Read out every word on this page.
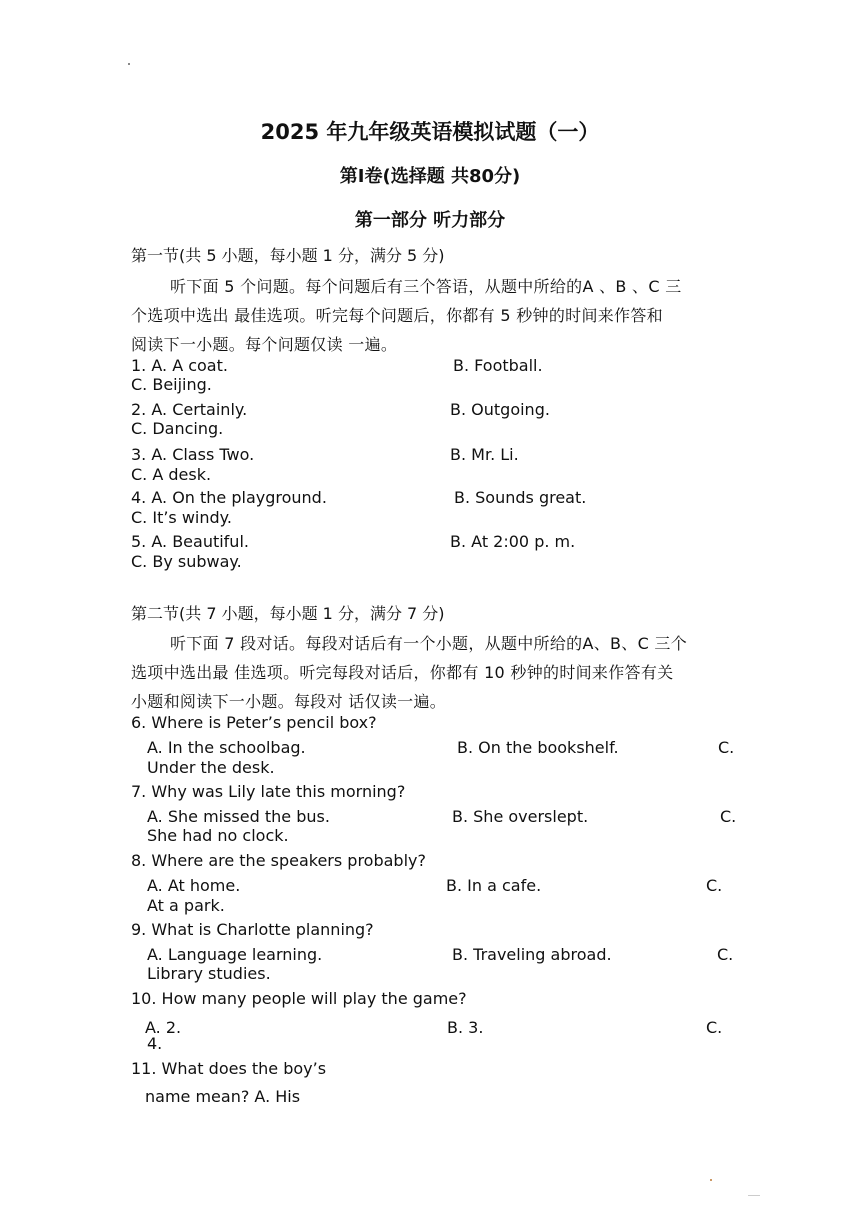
2025 年九年级英语模拟试题（一）
第Ⅰ卷(选择题 共80分)
第一部分 听力部分
第一节(共 5 小题，每小题 1 分，满分 5 分)
听下面 5 个问题。每个问题后有三个答语，从题中所给的A 、B 、C 三
个选项中选出 最佳选项。听完每个问题后，你都有 5 秒钟的时间来作答和
阅读下一小题。每个问题仅读 一遍。
1. A. A coat.	B. Football.
C. Beijing.
2. A. Certainly.	B. Outgoing.
C. Dancing.
3. A. Class Two.	B. Mr. Li.
C. A desk.
4. A. On the playground.	B. Sounds great.
C. It’s windy.
5. A. Beautiful.	B. At 2:00 p. m.
C. By subway.
第二节(共 7 小题，每小题 1 分，满分 7 分)
听下面 7 段对话。每段对话后有一个小题，从题中所给的A、B、C 三个
选项中选出最 佳选项。听完每段对话后，你都有 10 秒钟的时间来作答有关
小题和阅读下一小题。每段对 话仅读一遍。
6. Where is Peter’s pencil box?
A. In the schoolbag.	B. On the bookshelf.	C.
Under the desk.
7. Why was Lily late this morning?
A. She missed the bus.	B. She overslept.	C.
She had no clock.
8. Where are the speakers probably?
A. At home.	B. In a cafe.	C.
At a park.
9. What is Charlotte planning?
A. Language learning.	B. Traveling abroad.	C.
Library studies.
10. How many people will play the game?
A. 2.	B. 3.	C.
4.
11. What does the boy’s
name mean? A. His
